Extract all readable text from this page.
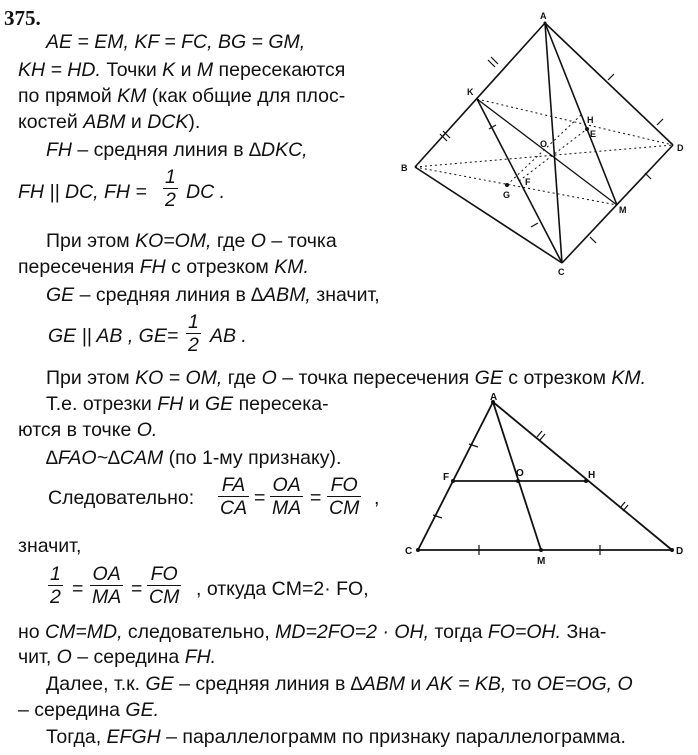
375.
AE = EM, KF = FC, BG = GM,
KH = HD. Точки K и M пересекаются
по прямой KM (как общие для плос-
костей ABM и DCK).
FH – средняя линия в ∆DKC,
FH || DC, FH = $\frac{1}{2}$ DC .
При этом KO=OM, где O – точка
пересечения FH с отрезком KM.
GE – средняя линия в ∆ABM, значит,
GE || AB , $GE= \frac{1}{2}$ AB .
При этом KO = OM, где O – точка пересечения GE с отрезком KM.
Т.е. отрезки FH и GE пересека-
ются в точке O.
∆FAO~∆CAM (по 1-му признаку).
Следовательно: $\frac{FA}{CA} = \frac{OA}{MA} = \frac{FO}{CM}$ ,
значит,
$\frac{1}{2} = \frac{OA}{MA} = \frac{FO}{CM}$ , откуда CM=2· FO,
но CM=MD, следовательно, MD=2FO=2 · OH, тогда FO=OH. Зна-
чит, O – середина FH.
Далее, т.к. GE – средняя линия в ∆ABM и AK = KB, то OE=OG, O
– середина GE.
Тогда, EFGH – параллелограмм по признаку параллелограмма.
A
B
C
D
K
M
H
E
O
F
G
A
F	O	H
C
M
D
